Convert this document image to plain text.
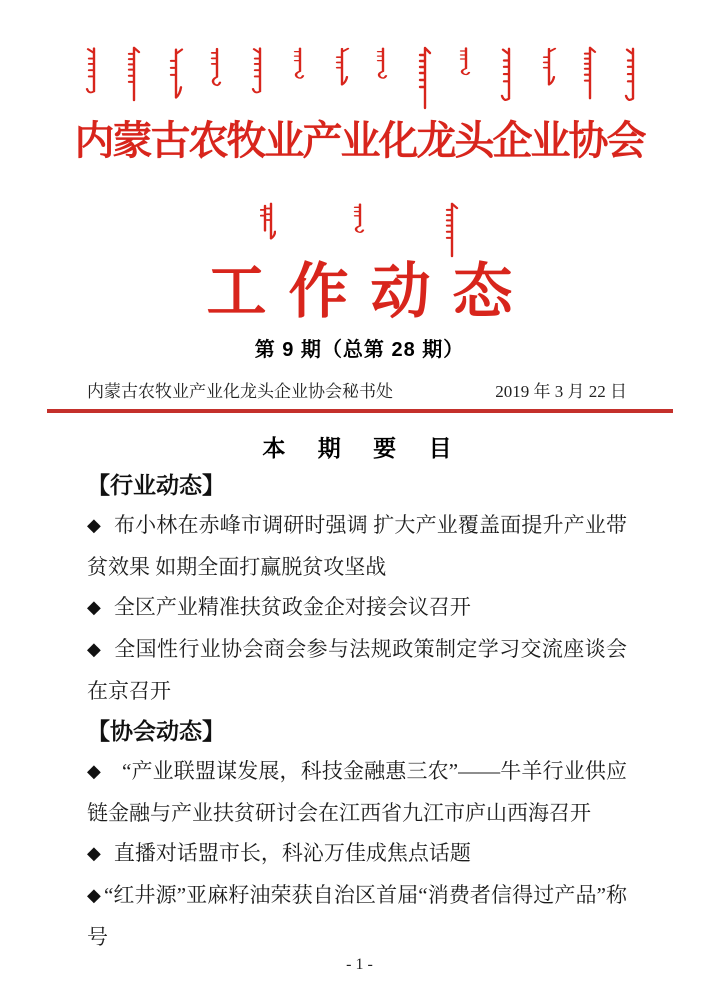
内蒙古农牧业产业化龙头企业协会
工作动态
第 9 期（总第 28 期）
内蒙古农牧业产业化龙头企业协会秘书处	2019 年 3 月 22 日
本 期 要 目
【行业动态】

◆ 布小林在赤峰市调研时强调 扩大产业覆盖面提升产业带贫效果 如期全面打赢脱贫攻坚战

◆ 全区产业精准扶贫政金企对接会议召开

◆ 全国性行业协会商会参与法规政策制定学习交流座谈会在京召开

【协会动态】

◆ “产业联盟谋发展，科技金融惠三农”——牛羊行业供应链金融与产业扶贫研讨会在江西省九江市庐山西海召开

◆ 直播对话盟市长，科沁万佳成焦点话题

◆ “红井源”亚麻籽油荣获自治区首届“消费者信得过产品”称号

- 1 -
